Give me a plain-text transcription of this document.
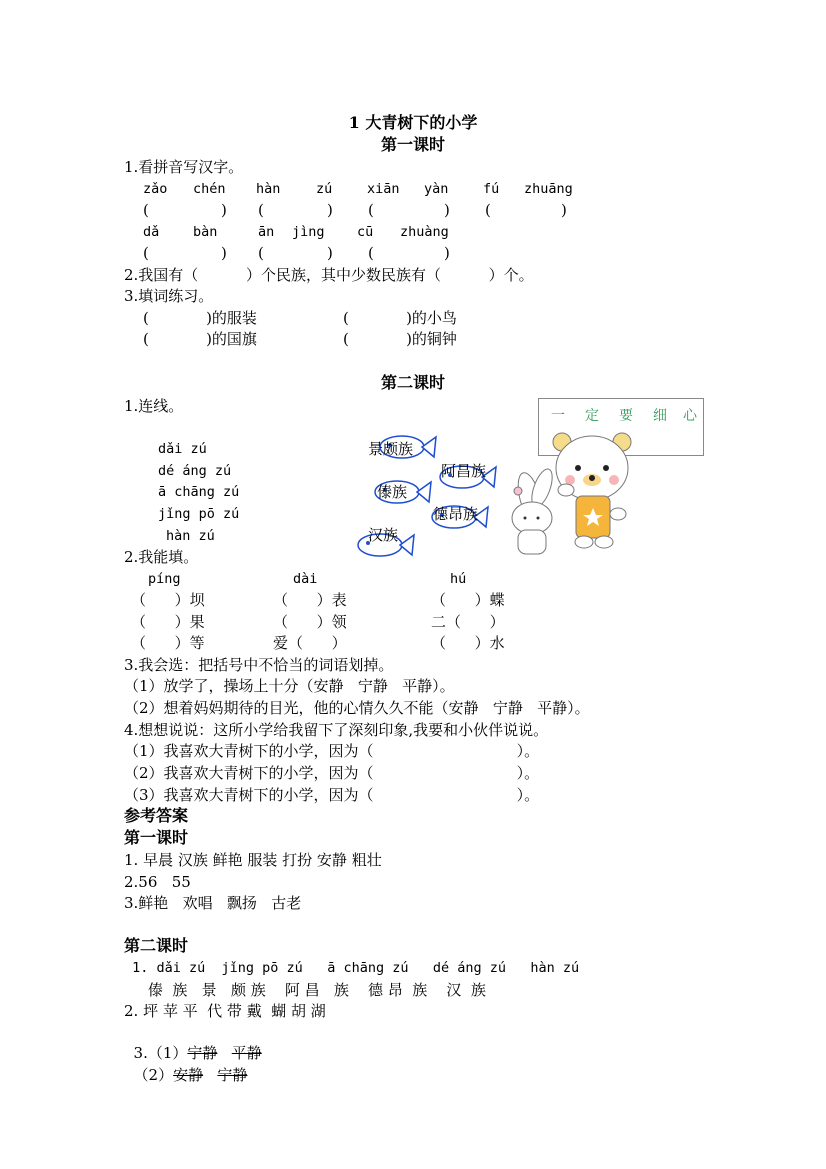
1 大青树下的小学
第一课时
1.看拼音写汉字。
zǎo chén hàn	zú	xiān yàn	fú zhuāng
(	) (	) (	) (	)
dǎ bàn	ān jìng cū zhuàng
(	) (	) (	)
2.我国有（          ）个民族，其中少数民族有（          ）个。
3.填词练习。
(            )的服装	(            )的小鸟
(            )的国旗	(            )的铜钟
第二课时
1.连线。
dǎi zú
dé áng zú
ā chāng zú
jǐng pō zú
hàn zú
景颇族
阿昌族
傣族
德昂族
汉族
一 定 要 细 心
2.我能填。
píng	dài	hú
（      ）坝	（      ）表	（      ）蝶
（      ）果	（      ）领	二（      ）
（      ）等	爱（      ）	（      ）水
3.我会选：把括号中不恰当的词语划掉。
（1）放学了，操场上十分（安静   宁静   平静）。
（2）想着妈妈期待的目光，他的心情久久不能（安静   宁静   平静）。
4.想想说说：这所小学给我留下了深刻印象,我要和小伙伴说说。
（1）我喜欢大青树下的小学，因为（                              ）。
（2）我喜欢大青树下的小学，因为（                              ）。
（3）我喜欢大青树下的小学，因为（                              ）。
参考答案
第一课时
1. 早晨 汉族 鲜艳 服装 打扮 安静 粗壮
2.56   55
3.鲜艳   欢唱   飘扬   古老
第二课时
1. dǎi zú  jǐng pō zú   ā chāng zú   dé áng zú   hàn zú
傣  族   景   颇 族    阿 昌   族    德 昂  族    汉  族
2. 坪 苹 平  代 带 戴  蝴 胡 湖

3.（1）宁静 平静

（2）安静 宁静
